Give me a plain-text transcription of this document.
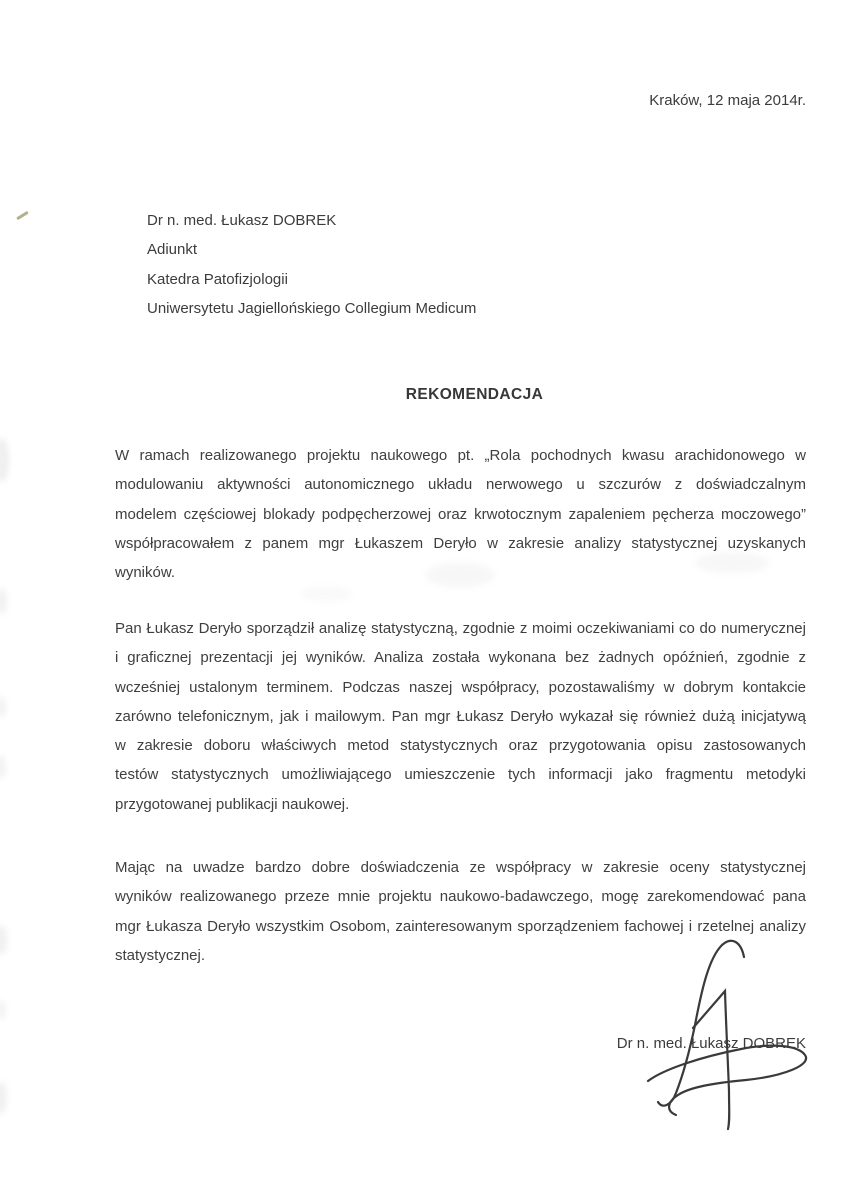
Kraków, 12 maja 2014r.
Dr n. med. Łukasz DOBREK
Adiunkt
Katedra Patofizjologii
Uniwersytetu Jagiellońskiego Collegium Medicum
REKOMENDACJA
W ramach realizowanego projektu naukowego pt. „Rola pochodnych kwasu arachidonowego w
modulowaniu aktywności autonomicznego układu nerwowego u szczurów z doświadczalnym
modelem częściowej blokady podpęcherzowej oraz krwotocznym zapaleniem pęcherza moczowego”
współpracowałem z panem mgr Łukaszem Deryło w zakresie analizy statystycznej uzyskanych
wyników.
Pan Łukasz Deryło sporządził analizę statystyczną, zgodnie z moimi oczekiwaniami co do numerycznej
i graficznej prezentacji jej wyników. Analiza została wykonana bez żadnych opóźnień, zgodnie z
wcześniej ustalonym terminem. Podczas naszej współpracy, pozostawaliśmy w dobrym kontakcie
zarówno telefonicznym, jak i mailowym. Pan mgr Łukasz Deryło wykazał się również dużą inicjatywą
w zakresie doboru właściwych metod statystycznych oraz przygotowania opisu zastosowanych
testów statystycznych umożliwiającego umieszczenie tych informacji jako fragmentu metodyki
przygotowanej publikacji naukowej.
Mając na uwadze bardzo dobre doświadczenia ze współpracy w zakresie oceny statystycznej
wyników realizowanego przeze mnie projektu naukowo-badawczego, mogę zarekomendować pana
mgr Łukasza Deryło wszystkim Osobom, zainteresowanym sporządzeniem fachowej i rzetelnej analizy
statystycznej.
Dr n. med. Łukasz DOBREK
